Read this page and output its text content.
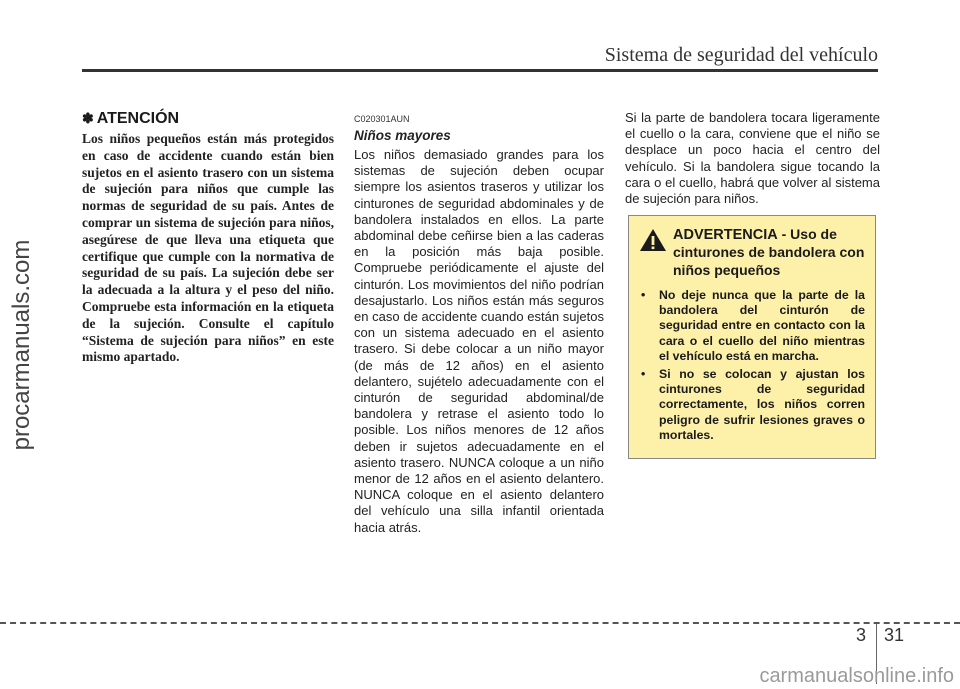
Sistema de seguridad del vehículo
procarmanuals.com
✽ ATENCIÓN

Los niños pequeños están más protegidos en caso de accidente cuando están bien sujetos en el asiento trasero con un sistema de sujeción para niños que cumple las normas de seguridad de su país. Antes de comprar un sistema de sujeción para niños, asegúrese de que lleva una etiqueta que certifique que cumple con la normativa de seguridad de su país. La sujeción debe ser la adecuada a la altura y el peso del niño. Compruebe esta información en la etiqueta de la sujeción. Consulte el capítulo “Sistema de sujeción para niños” en este mismo apartado.

C020301AUN

Niños mayores

Los niños demasiado grandes para los sistemas de sujeción deben ocupar siempre los asientos traseros y utilizar los cinturones de seguridad abdominales y de bandolera instalados en ellos. La parte abdominal debe ceñirse bien a las caderas en la posición más baja posible. Compruebe periódicamente el ajuste del cinturón. Los movimientos del niño podrían desajustarlo. Los niños están más seguros en caso de accidente cuando están sujetos con un sistema adecuado en el asiento trasero. Si debe colocar a un niño mayor (de más de 12 años) en el asiento delantero, sujételo adecuadamente con el cinturón de seguridad abdominal/de bandolera y retrase el asiento todo lo posible. Los niños menores de 12 años deben ir sujetos adecuadamente en el asiento trasero. NUNCA coloque a un niño menor de 12 años en el asiento delantero. NUNCA coloque en el asiento delantero del vehículo una silla infantil orientada hacia atrás.

Si la parte de bandolera tocara ligeramente el cuello o la cara, conviene que el niño se desplace un poco hacia el centro del vehículo. Si la bandolera sigue tocando la cara o el cuello, habrá que volver al sistema de sujeción para niños.

ADVERTENCIA - Uso de cinturones de bandolera con niños pequeños
• No deje nunca que la parte de la bandolera del cinturón de seguridad entre en contacto con la cara o el cuello del niño mientras el vehículo está en marcha.
• Si no se colocan y ajustan los cinturones de seguridad correctamente, los niños corren peligro de sufrir lesiones graves o mortales.
3 31
carmanualsonline.info
